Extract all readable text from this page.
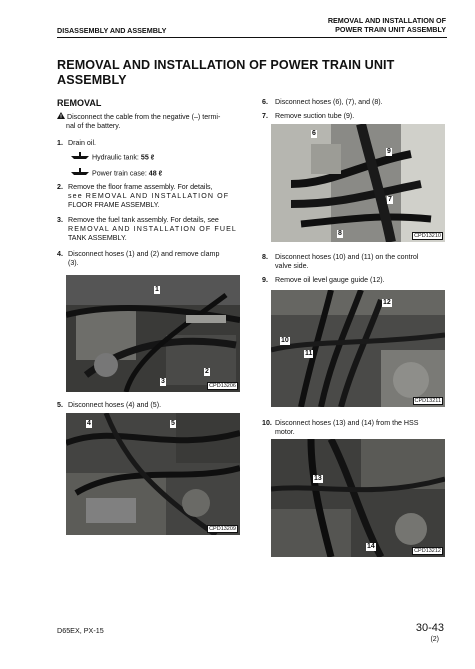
DISASSEMBLY AND ASSEMBLY
REMOVAL AND INSTALLATION OF
POWER TRAIN UNIT ASSEMBLY
REMOVAL AND INSTALLATION OF POWER TRAIN UNIT
ASSEMBLY
REMOVAL
Disconnect the cable from the negative (–) termi-
nal of the battery.
1. Drain oil.
Hydraulic tank: 55 ℓ
Power train case: 48 ℓ
2. Remove the floor frame assembly. For details,
see REMOVAL AND INSTALLATION OF
FLOOR FRAME ASSEMBLY.
3. Remove the fuel tank assembly. For details, see
REMOVAL AND INSTALLATION OF FUEL
TANK ASSEMBLY.
4. Disconnect hoses (1) and (2) and remove clamp
(3).
1
2
3
CPD13206
5. Disconnect hoses (4) and (5).
4	5
CPD13209
6. Disconnect hoses (6), (7), and (8).
7. Remove suction tube (9).
6
7
8
9
CPD13210
8. Disconnect hoses (10) and (11) on the control
valve side.
9. Remove oil level gauge guide (12).
12
10
11
CPD13211
10. Disconnect hoses (13) and (14) from the HSS
motor.
13
14
CPD13212
D65EX, PX-15	30-43
(2)
